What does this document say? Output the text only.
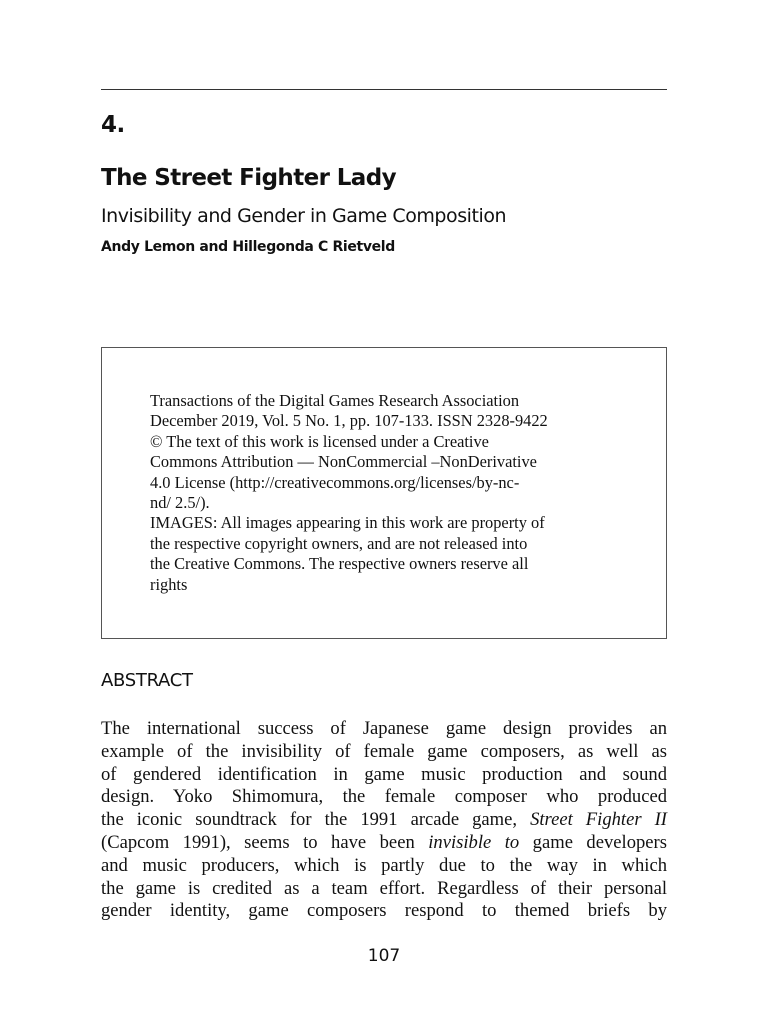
4.
The Street Fighter Lady
Invisibility and Gender in Game Composition
Andy Lemon and Hillegonda C Rietveld
Transactions of the Digital Games Research Association
December 2019, Vol. 5 No. 1, pp. 107-133. ISSN 2328-9422
© The text of this work is licensed under a Creative
Commons Attribution — NonCommercial –NonDerivative
4.0 License (http://creativecommons.org/licenses/by-nc-
nd/ 2.5/).
IMAGES: All images appearing in this work are property of
the respective copyright owners, and are not released into
the Creative Commons. The respective owners reserve all
rights
ABSTRACT
The international success of Japanese game design provides an
example of the invisibility of female game composers, as well as
of gendered identification in game music production and sound
design. Yoko Shimomura, the female composer who produced
the iconic soundtrack for the 1991 arcade game, Street Fighter II
(Capcom 1991), seems to have been invisible to game developers
and music producers, which is partly due to the way in which
the game is credited as a team effort. Regardless of their personal
gender identity, game composers respond to themed briefs by
107
